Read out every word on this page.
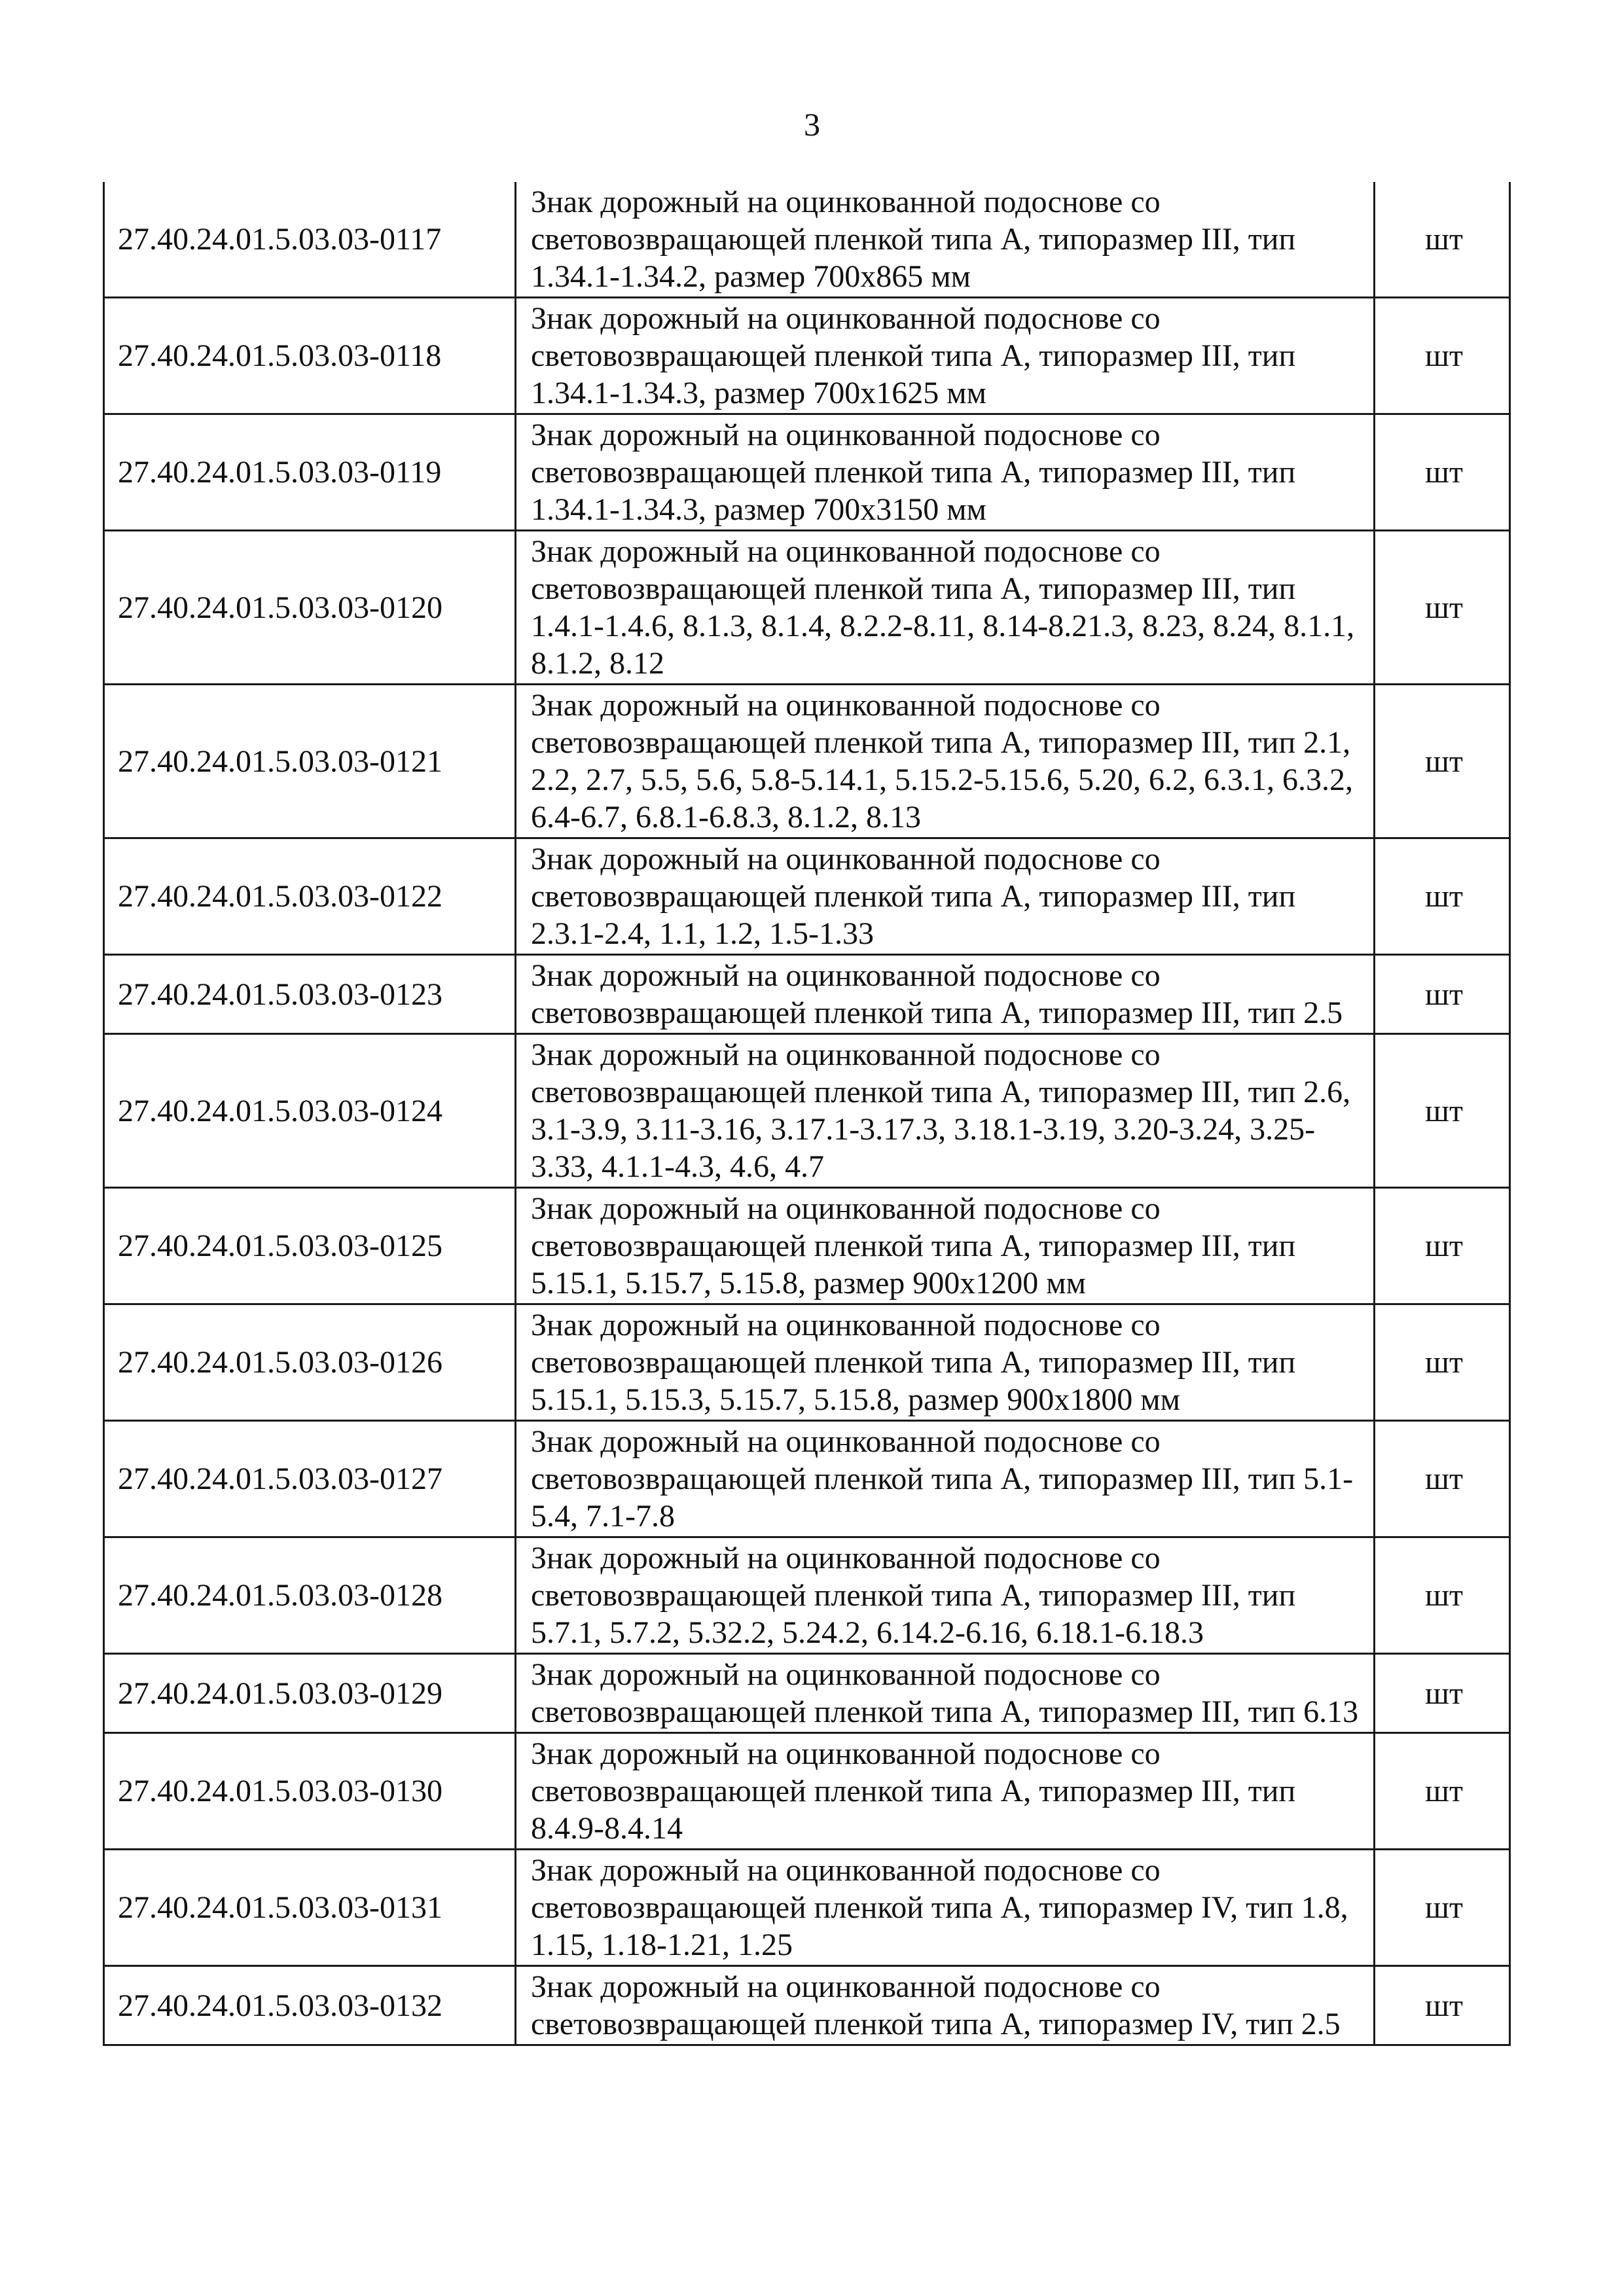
3
27.40.24.01.5.03.03-0117	Знак дорожный на оцинкованной подоснове со световозвращающей пленкой типа А, типоразмер III, тип 1.34.1-1.34.2, размер 700х865 мм	шт
27.40.24.01.5.03.03-0118	Знак дорожный на оцинкованной подоснове со световозвращающей пленкой типа А, типоразмер III, тип 1.34.1-1.34.3, размер 700х1625 мм	шт
27.40.24.01.5.03.03-0119	Знак дорожный на оцинкованной подоснове со световозвращающей пленкой типа А, типоразмер III, тип 1.34.1-1.34.3, размер 700х3150 мм	шт
27.40.24.01.5.03.03-0120	Знак дорожный на оцинкованной подоснове со световозвращающей пленкой типа А, типоразмер III, тип 1.4.1-1.4.6, 8.1.3, 8.1.4, 8.2.2-8.11, 8.14-8.21.3, 8.23, 8.24, 8.1.1, 8.1.2, 8.12	шт
27.40.24.01.5.03.03-0121	Знак дорожный на оцинкованной подоснове со световозвращающей пленкой типа А, типоразмер III, тип 2.1, 2.2, 2.7, 5.5, 5.6, 5.8-5.14.1, 5.15.2-5.15.6, 5.20, 6.2, 6.3.1, 6.3.2, 6.4-6.7, 6.8.1-6.8.3, 8.1.2, 8.13	шт
27.40.24.01.5.03.03-0122	Знак дорожный на оцинкованной подоснове со световозвращающей пленкой типа А, типоразмер III, тип 2.3.1-2.4, 1.1, 1.2, 1.5-1.33	шт
27.40.24.01.5.03.03-0123	Знак дорожный на оцинкованной подоснове со световозвращающей пленкой типа А, типоразмер III, тип 2.5	шт
27.40.24.01.5.03.03-0124	Знак дорожный на оцинкованной подоснове со световозвращающей пленкой типа А, типоразмер III, тип 2.6, 3.1-3.9, 3.11-3.16, 3.17.1-3.17.3, 3.18.1-3.19, 3.20-3.24, 3.25-3.33, 4.1.1-4.3, 4.6, 4.7	шт
27.40.24.01.5.03.03-0125	Знак дорожный на оцинкованной подоснове со световозвращающей пленкой типа А, типоразмер III, тип 5.15.1, 5.15.7, 5.15.8, размер 900х1200 мм	шт
27.40.24.01.5.03.03-0126	Знак дорожный на оцинкованной подоснове со световозвращающей пленкой типа А, типоразмер III, тип 5.15.1, 5.15.3, 5.15.7, 5.15.8, размер 900х1800 мм	шт
27.40.24.01.5.03.03-0127	Знак дорожный на оцинкованной подоснове со световозвращающей пленкой типа А, типоразмер III, тип 5.1-5.4, 7.1-7.8	шт
27.40.24.01.5.03.03-0128	Знак дорожный на оцинкованной подоснове со световозвращающей пленкой типа А, типоразмер III, тип 5.7.1, 5.7.2, 5.32.2, 5.24.2, 6.14.2-6.16, 6.18.1-6.18.3	шт
27.40.24.01.5.03.03-0129	Знак дорожный на оцинкованной подоснове со световозвращающей пленкой типа А, типоразмер III, тип 6.13	шт
27.40.24.01.5.03.03-0130	Знак дорожный на оцинкованной подоснове со световозвращающей пленкой типа А, типоразмер III, тип 8.4.9-8.4.14	шт
27.40.24.01.5.03.03-0131	Знак дорожный на оцинкованной подоснове со световозвращающей пленкой типа А, типоразмер IV, тип 1.8, 1.15, 1.18-1.21, 1.25	шт
27.40.24.01.5.03.03-0132	Знак дорожный на оцинкованной подоснове со световозвращающей пленкой типа А, типоразмер IV, тип 2.5	шт
